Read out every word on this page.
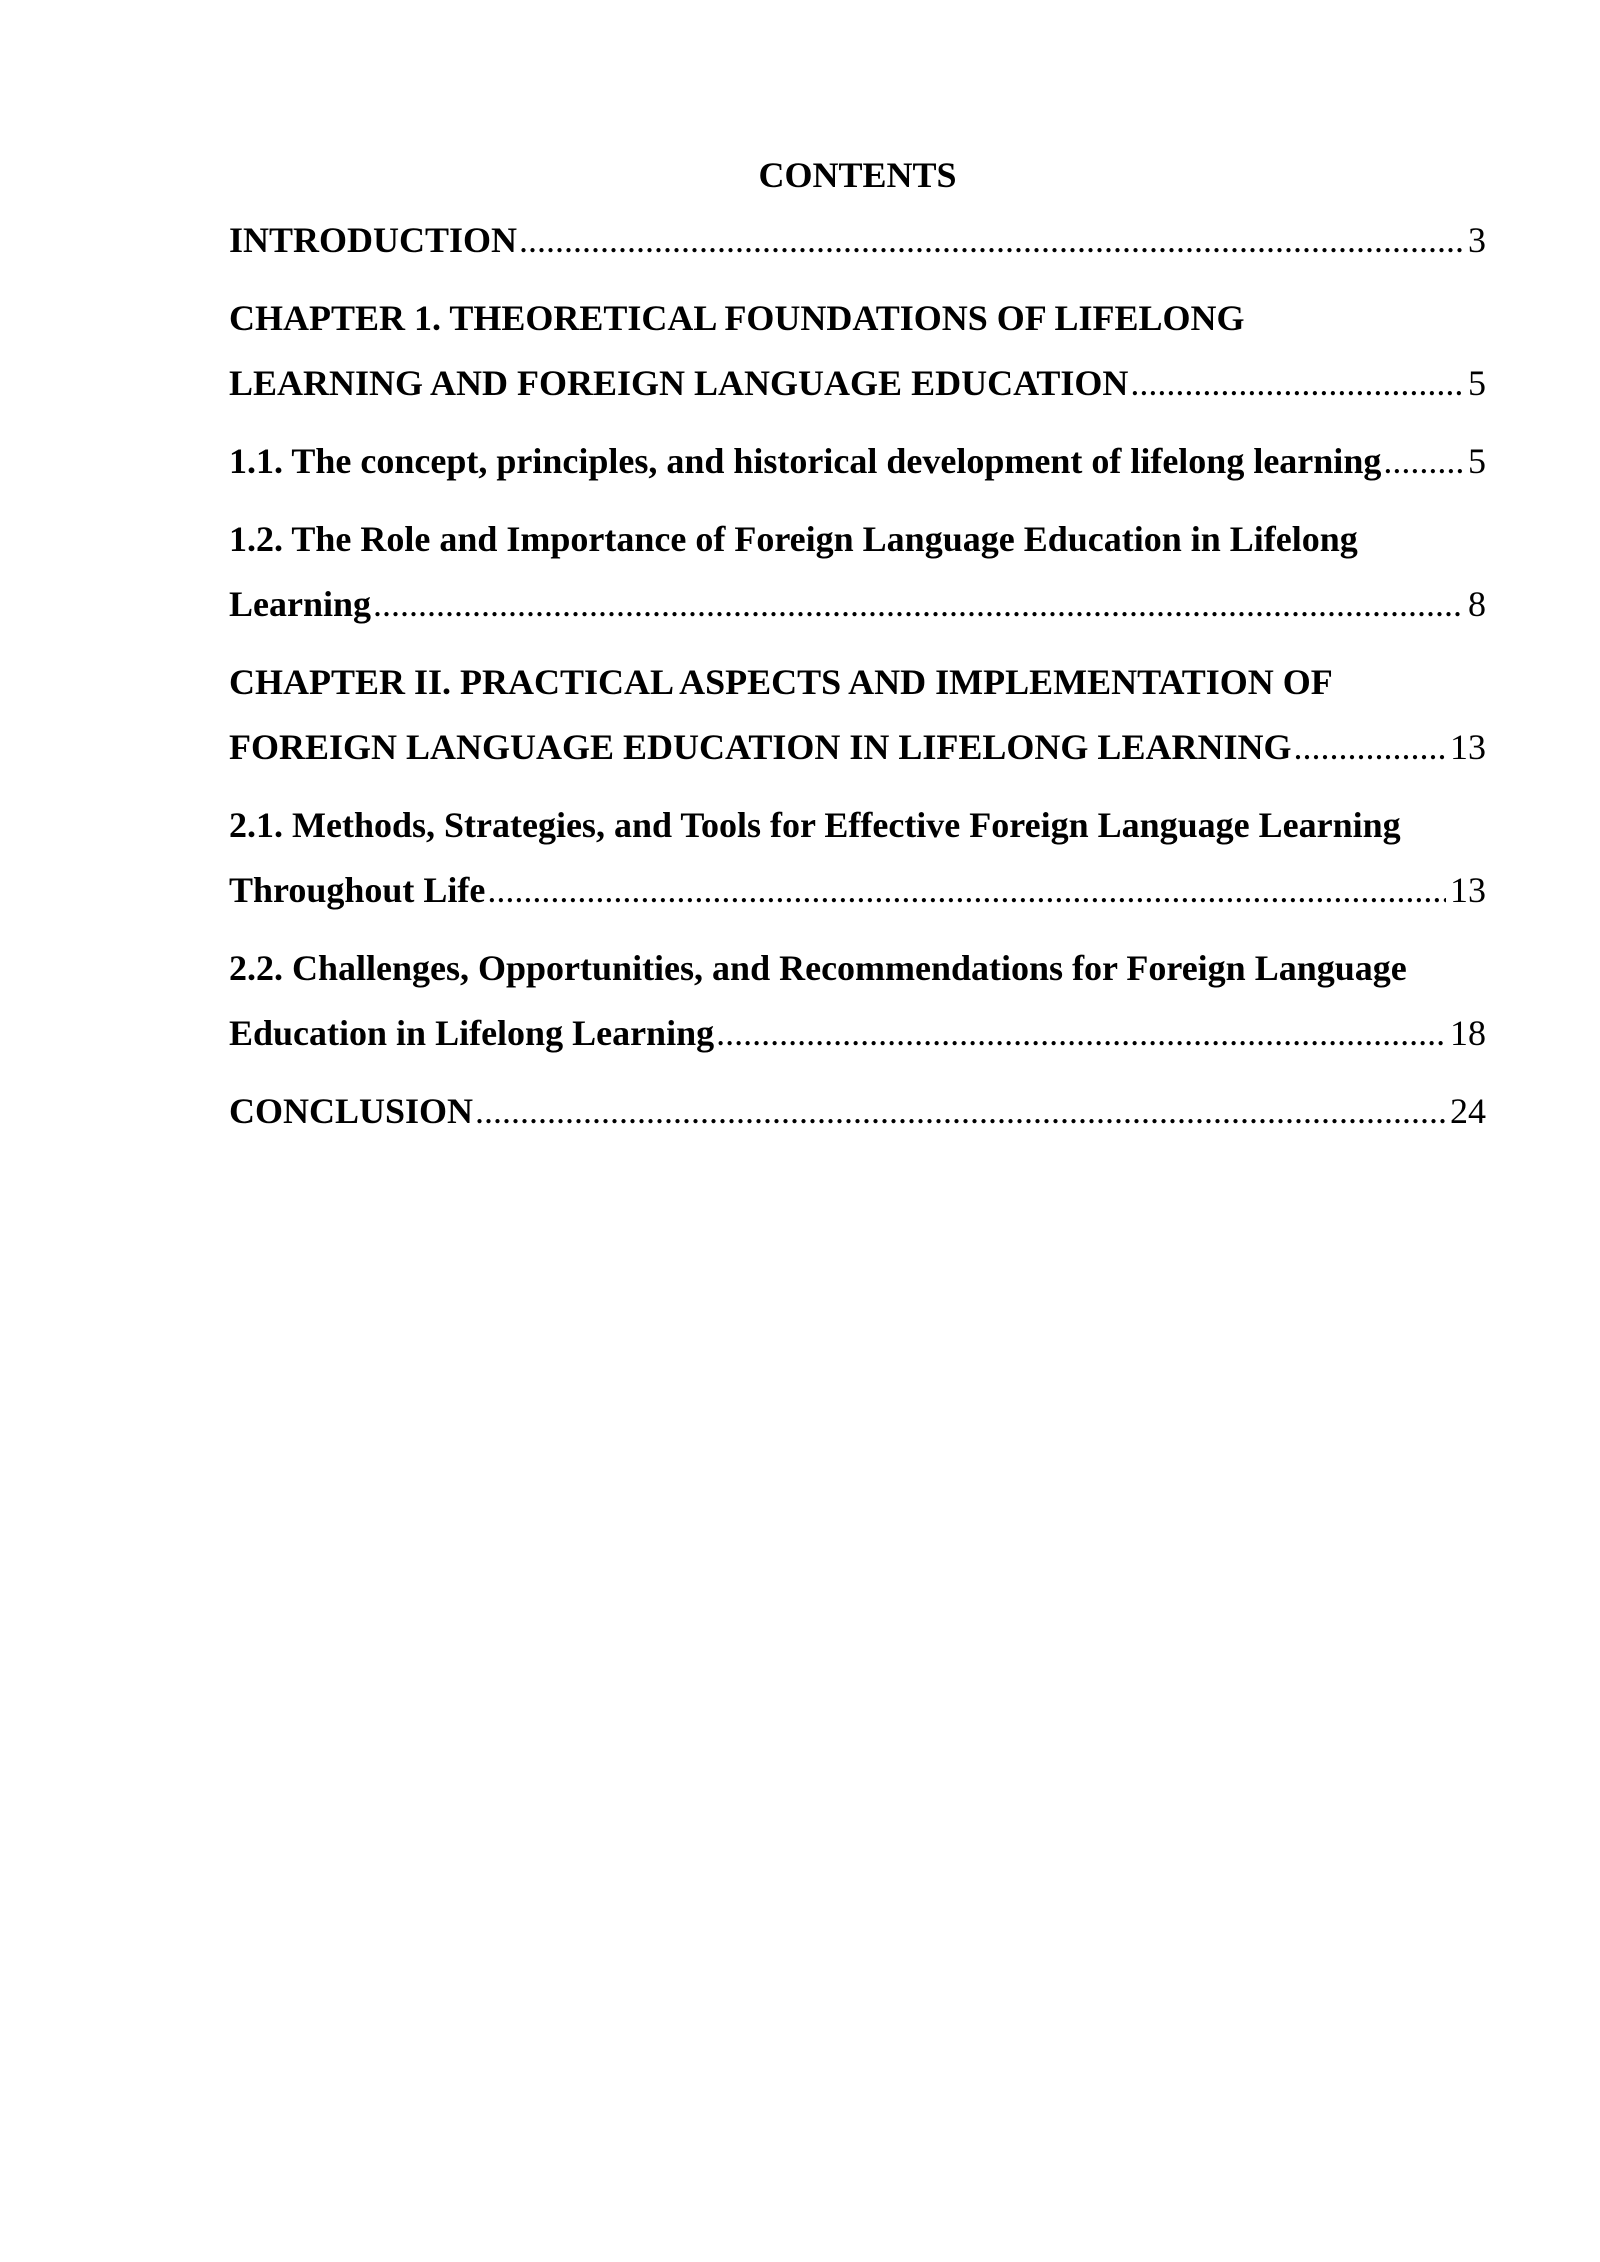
CONTENTS
INTRODUCTION .....	3
CHAPTER 1. THEORETICAL FOUNDATIONS OF LIFELONG
LEARNING AND FOREIGN LANGUAGE EDUCATION .....	5
1.1. The concept, principles, and historical development of lifelong learning ..... 5
1.2. The Role and Importance of Foreign Language Education in Lifelong
Learning .....	8
CHAPTER II. PRACTICAL ASPECTS AND IMPLEMENTATION OF
FOREIGN LANGUAGE EDUCATION IN LIFELONG LEARNING .....	13
2.1. Methods, Strategies, and Tools for Effective Foreign Language Learning
Throughout Life .....	13
2.2. Challenges, Opportunities, and Recommendations for Foreign Language
Education in Lifelong Learning .....	18
CONCLUSION .....	24
